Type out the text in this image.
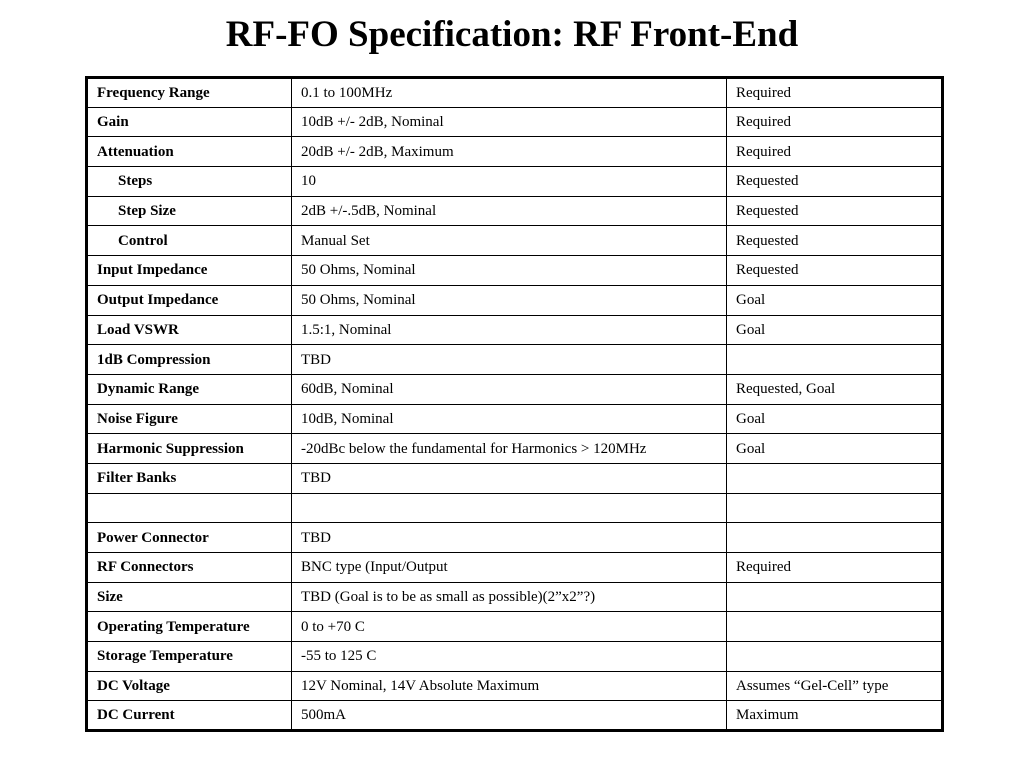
RF-FO Specification: RF Front-End
Frequency Range	0.1 to 100MHz	Required
Gain	10dB +/- 2dB, Nominal	Required
Attenuation	20dB +/- 2dB, Maximum	Required
Steps	10	Requested
Step Size	2dB +/-.5dB, Nominal	Requested
Control	Manual Set	Requested
Input Impedance	50 Ohms, Nominal	Requested
Output Impedance	50 Ohms, Nominal	Goal
Load VSWR	1.5:1, Nominal	Goal
1dB Compression	TBD	
Dynamic Range	60dB, Nominal	Requested, Goal
Noise Figure	10dB, Nominal	Goal
Harmonic Suppression	-20dBc below the fundamental for Harmonics > 120MHz	Goal
Filter Banks	TBD	

Power Connector	TBD	
RF Connectors	BNC type (Input/Output	Required
Size	TBD (Goal is to be as small as possible)(2”x2”?)	
Operating Temperature	0 to +70 C	
Storage Temperature	-55 to 125 C	
DC Voltage	12V Nominal, 14V Absolute Maximum	Assumes “Gel-Cell” type
DC Current	500mA	Maximum
